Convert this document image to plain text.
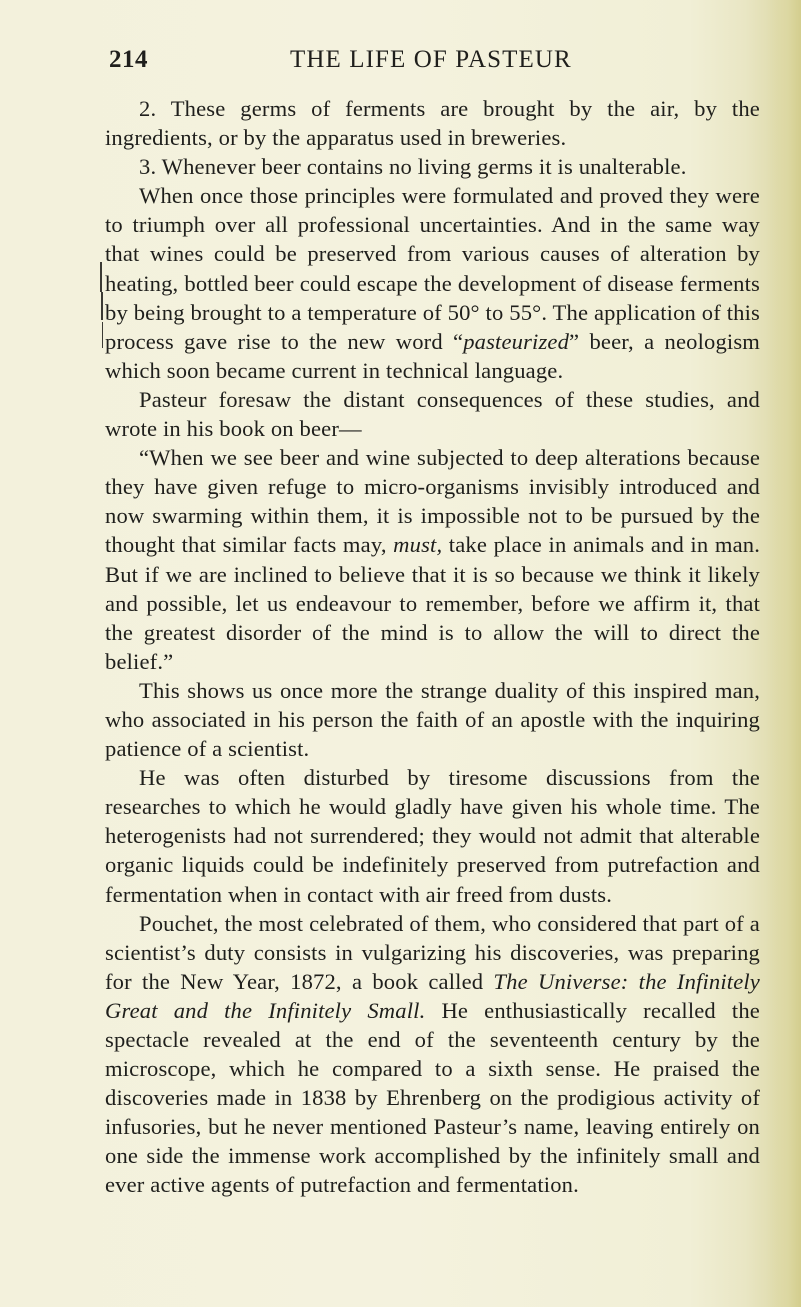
214	THE LIFE OF PASTEUR

2. These germs of ferments are brought by the air, by the ingredients, or by the apparatus used in breweries.

3. Whenever beer contains no living germs it is unalterable.

When once those principles were formulated and proved they were to triumph over all professional uncertainties. And in the same way that wines could be preserved from various causes of alteration by heating, bottled beer could escape the development of disease ferments by being brought to a temperature of 50° to 55°. The application of this process gave rise to the new word “pasteurized” beer, a neologism which soon became current in technical language.

Pasteur foresaw the distant consequences of these studies, and wrote in his book on beer—

“When we see beer and wine subjected to deep alterations because they have given refuge to micro-organisms invisibly introduced and now swarming within them, it is impossible not to be pursued by the thought that similar facts may, must, take place in animals and in man. But if we are inclined to believe that it is so because we think it likely and possible, let us endeavour to remember, before we affirm it, that the greatest disorder of the mind is to allow the will to direct the belief.”

This shows us once more the strange duality of this inspired man, who associated in his person the faith of an apostle with the inquiring patience of a scientist.

He was often disturbed by tiresome discussions from the researches to which he would gladly have given his whole time. The heterogenists had not surrendered; they would not admit that alterable organic liquids could be indefinitely preserved from putrefaction and fermentation when in contact with air freed from dusts.

Pouchet, the most celebrated of them, who considered that part of a scientist’s duty consists in vulgarizing his discoveries, was preparing for the New Year, 1872, a book called The Universe: the Infinitely Great and the Infinitely Small. He enthusiastically recalled the spectacle revealed at the end of the seventeenth century by the microscope, which he compared to a sixth sense. He praised the discoveries made in 1838 by Ehrenberg on the prodigious activity of infusories, but he never mentioned Pasteur’s name, leaving entirely on one side the immense work accomplished by the infinitely small and ever active agents of putrefaction and fermentation.
